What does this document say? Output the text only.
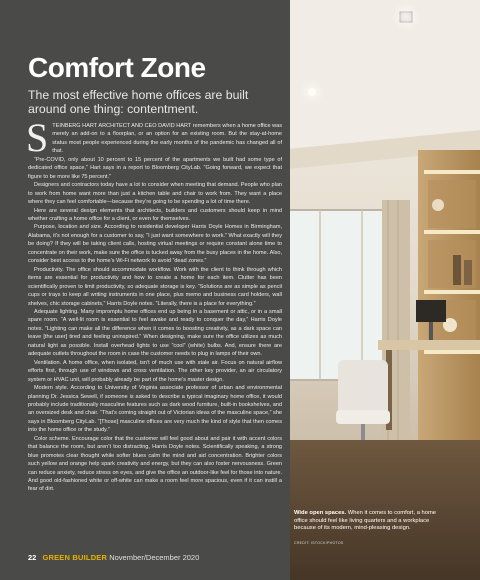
Comfort Zone
The most effective home offices are built around one thing: contentment.

STEINBERG HART ARCHITECT AND CEO DAVID HART remembers when a home office was merely an add-on to a floorplan, or an option for an existing room. But the stay-at-home status most people experienced during the early months of the pandemic has changed all of that.

“Pre-COVID, only about 10 percent to 15 percent of the apartments we built had some type of dedicated office space,” Hart says in a report to Bloomberg CityLab. “Going forward, we expect that figure to be more like 75 percent.”

Designers and contractors today have a lot to consider when meeting that demand. People who plan to work from home want more than just a kitchen table and chair to work from. They want a place where they can feel comfortable—because they’re going to be spending a lot of time there.

Here are several design elements that architects, builders and customers should keep in mind whether crafting a home office for a client, or even for themselves.

Purpose, location and size. According to residential developer Harris Doyle Homes in Birmingham, Alabama, it’s not enough for a customer to say, “I just want somewhere to work.” What exactly will they be doing? If they will be taking client calls, hosting virtual meetings or require constant alone time to concentrate on their work, make sure the office is tucked away from the busy places in the home. Also, consider best access to the home’s Wi-Fi network to avoid “dead zones.”

Productivity. The office should accommodate workflow. Work with the client to think through which items are essential for productivity and how to create a home for each item. Clutter has been scientifically proven to limit productivity, so adequate storage is key. “Solutions are as simple as pencil cups or trays to keep all writing instruments in one place, plus memo and business card holders, wall shelves, chic storage cabinets,” Harris Doyle notes. “Literally, there is a place for everything.”

Adequate lighting. Many impromptu home offices end up being in a basement or attic, or in a small spare room. “A well-lit room is essential to feel awake and ready to conquer the day,” Harris Doyle notes. “Lighting can make all the difference when it comes to boosting creativity, as a dark space can leave [the user] tired and feeling uninspired.” When designing, make sure the office utilizes as much natural light as possible. Install overhead lights to use “cool” (white) bulbs. And, ensure there are adequate outlets throughout the room in case the customer needs to plug in lamps of their own.

Ventilation. A home office, when isolated, isn’t of much use with stale air. Focus on natural airflow efforts first, through use of windows and cross ventilation. The other key provider, an air circulatory system or HVAC unit, will probably already be part of the home’s master design.

Modern style. According to University of Virginia associate professor of urban and environmental planning Dr. Jessica Sewell, if someone is asked to describe a typical imaginary home office, it would probably include traditionally masculine features such as dark wood furniture, built-in bookshelves, and an oversized desk and chair. “That’s coming straight out of Victorian ideas of the masculine space,” she says in Bloomberg CityLab. “[Those] masculine offices are very much the kind of style that then comes into the home office or the study.”

Color scheme. Encourage color that the customer will feel good about and pair it with accent colors that balance the room, but aren’t too distracting, Harris Doyle notes. Scientifically speaking, a strong blue promotes clear thought while softer blues calm the mind and aid concentration. Brighter colors such yellow and orange help spark creativity and energy, but they can also foster nervousness. Green can reduce anxiety, reduce stress on eyes, and give the office an outdoor-like feel for those into nature. And good old-fashioned white or off-white can make a room feel more spacious, even if it can instill a fear of dirt.

Wide open spaces. When it comes to comfort, a home office should feel like living quarters and a workplace because of its modern, mind-pleasing design.
CREDIT: ISTOCK/PHOTOS
22 GREEN BUILDER November/December 2020
